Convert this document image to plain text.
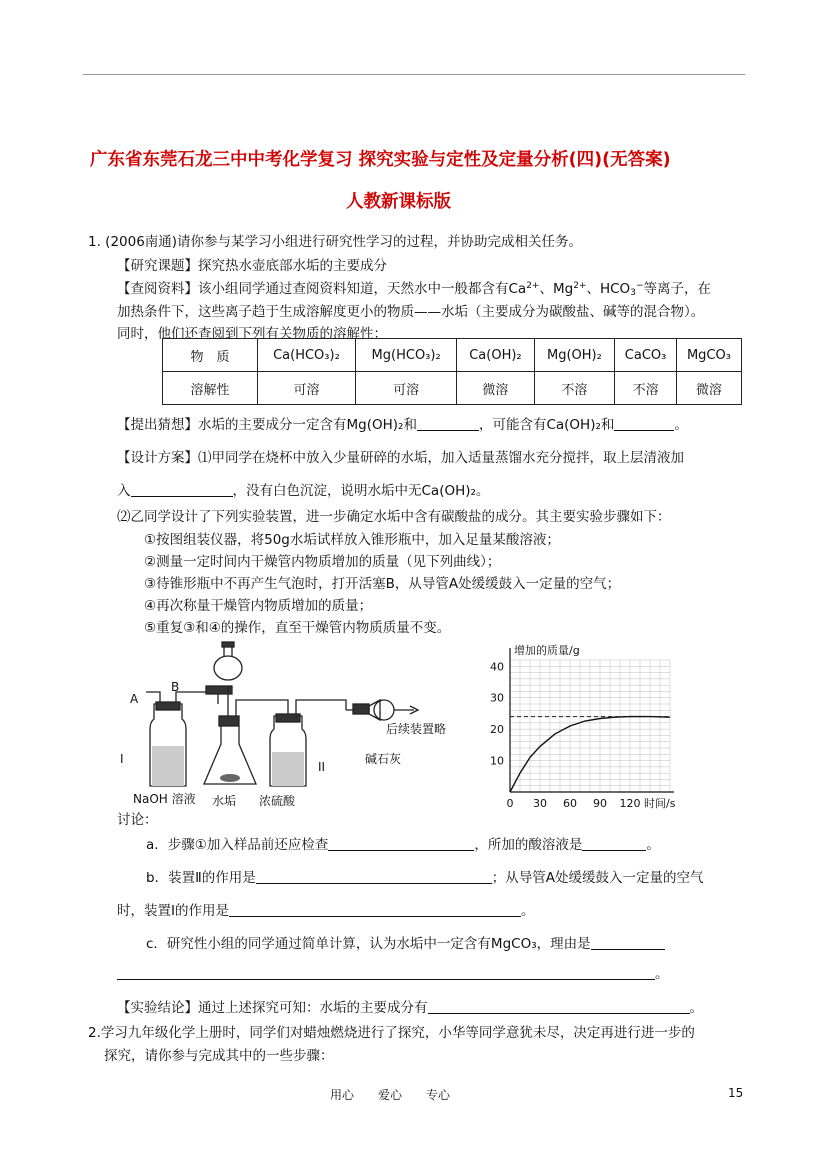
广东省东莞石龙三中中考化学复习 探究实验与定性及定量分析(四)(无答案)
人教新课标版
1. (2006南通)请你参与某学习小组进行研究性学习的过程，并协助完成相关任务。
【研究课题】探究热水壶底部水垢的主要成分
【查阅资料】该小组同学通过查阅资料知道，天然水中一般都含有$Ca^{2+}$、$Mg^{2+}$、$HCO_3^-$等离子，在
加热条件下，这些离子趋于生成溶解度更小的物质——水垢（主要成分为碳酸盐、碱等的混合物）。
同时，他们还查阅到下列有关物质的溶解性：
物　质	Ca(HCO₃)₂	Mg(HCO₃)₂	Ca(OH)₂	Mg(OH)₂	CaCO₃	MgCO₃
溶解性	可溶	可溶	微溶	不溶	不溶	微溶
【提出猜想】水垢的主要成分一定含有Mg(OH)₂和	，可能含有Ca(OH)₂和	。
【设计方案】⑴甲同学在烧杯中放入少量研碎的水垢，加入适量蒸馏水充分搅拌，取上层清液加
入	，没有白色沉淀，说明水垢中无Ca(OH)₂。
⑵乙同学设计了下列实验装置，进一步确定水垢中含有碳酸盐的成分。其主要实验步骤如下：
①按图组装仪器，将50g水垢试样放入锥形瓶中，加入足量某酸溶液；
②测量一定时间内干燥管内物质增加的质量（见下列曲线）；
③待锥形瓶中不再产生气泡时，打开活塞B，从导管A处缓缓鼓入一定量的空气；
④再次称量干燥管内物质增加的质量；
⑤重复③和④的操作，直至干燥管内物质质量不变。
A
B
I
II
NaOH 溶液 水垢 浓硫酸
碱石灰
后续装置略
0 30 60 90 120
10
20
30
40
增加的质量/g
时间/s
讨论：
a．步骤①加入样品前还应检查	，所加的酸溶液是	。
b．装置Ⅱ的作用是	；从导管A处缓缓鼓入一定量的空气
时，装置Ⅰ的作用是	。
c．研究性小组的同学通过简单计算，认为水垢中一定含有MgCO₃，理由是
。
【实验结论】通过上述探究可知：水垢的主要成分有	。
2.学习九年级化学上册时，同学们对蜡烛燃烧进行了探究，小华等同学意犹未尽，决定再进行进一步的
探究，请你参与完成其中的一些步骤：
用心　　爱心　　专心	15
